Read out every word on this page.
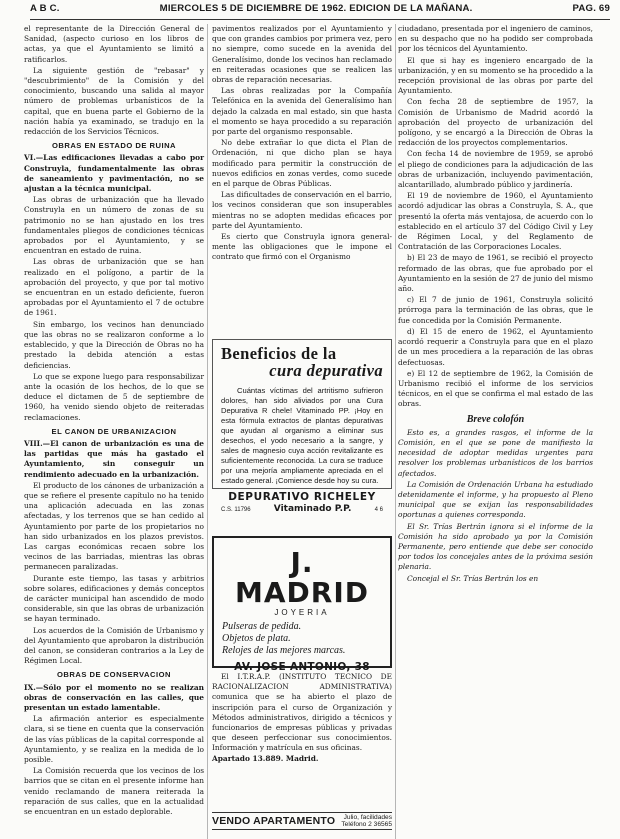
A B C.	MIERCOLES 5 DE DICIEMBRE DE 1962. EDICION DE LA MAÑANA.	PAG. 69

el representante de la Dirección General de Sanidad, (aspecto curioso en los libros de actas, ya que el Ayuntamiento se limitó a ratificarlos.

La siguiente gestión de "rebasar" y "descubrimiento" de la Comisión y del conocimiento, buscando una salida al mayor número de problemas urbanísticos de la capital, que en buena parte el Gobierno de la nación había ya examinado, se tradujo en la redacción de los Servicios Técnicos.

OBRAS EN ESTADO DE RUINA

VI.—Las edificaciones llevadas a cabo por Construyla, fundamentalmente las obras de saneamiento y pavimentación, no se ajustan a la técnica municipal.

Las obras de urbanización que ha llevado Construyla en un número de zonas de su patrimonio no se han ajustado en los tres fundamentales pliegos de condiciones técnicas aprobados por el Ayuntamiento, y se encuentran en estado de ruina.

Las obras de urbanización que se han realizado en el polígono, a partir de la aprobación del proyecto, y que por tal motivo se encuentran en un estado deficiente, fueron aprobadas por el Ayuntamiento el 7 de octubre de 1961.

Sin embargo, los vecinos han denunciado que las obras no se realizaron conforme a lo establecido, y que la Dirección de Obras no ha prestado la debida atención a estas deficiencias.

Lo que se expone luego para responsabilizar ante la ocasión de los hechos, de lo que se deduce el dictamen de 5 de septiembre de 1960, ha venido siendo objeto de reiteradas reclamaciones.

EL CANON DE URBANIZACION

VIII.—El canon de urbanización es una de las partidas que más ha gastado el Ayuntamiento, sin conseguir un rendimiento adecuado en la urbanización.

El producto de los cánones de urbanización a que se refiere el presente capítulo no ha tenido una aplicación adecuada en las zonas afectadas, y los terrenos que se han cedido al Ayuntamiento por parte de los propietarios no han sido urbanizados en los plazos previstos. Las cargas económicas recaen sobre los vecinos de las barriadas, mientras las obras permanecen paralizadas.

Durante este tiempo, las tasas y arbitrios sobre solares, edificaciones y demás conceptos de carácter municipal han ascendido de modo considerable, sin que las obras de urbanización se hayan terminado.

Los acuerdos de la Comisión de Urbanismo y del Ayuntamiento que aprobaron la distribución del canon, se consideran contrarios a la Ley de Régimen Local.

OBRAS DE CONSERVACION

IX.—Sólo por el momento no se realizan obras de conservación en las calles, que presentan un estado lamentable.

La afirmación anterior es especialmente clara, si se tiene en cuenta que la conservación de las vías públicas de la capital corresponde al Ayuntamiento, y se realiza en la medida de lo posible.

La Comisión recuerda que los vecinos de los barrios que se citan en el presente informe han venido reclamando de manera reiterada la reparación de sus calles, que en la actualidad se encuentran en un estado deplorable.

pavimentos realizados por el Ayuntamiento y que con grandes cambios por primera vez, pero no siempre, como sucede en la avenida del Generalísimo, donde los vecinos han reclamado en reiteradas ocasiones que se realicen las obras de reparación necesarias.

Las obras realizadas por la Compañía Telefónica en la avenida del Generalísimo han dejado la calzada en mal estado, sin que hasta el momento se haya procedido a su reparación por parte del organismo responsable.

No debe extrañar lo que dicta el Plan de Ordenación, ni que dicho plan se haya modificado para permitir la construcción de nuevos edificios en zonas verdes, como sucede en el parque de Obras Públicas.

Las dificultades de conservación en el barrio, los vecinos consideran que son insuperables mientras no se adopten medidas eficaces por parte del Ayuntamiento.

Es cierto que Construyla ignora general-mente las obligaciones que le impone el contrato que firmó con el Organismo

Beneficios de la
cura depurativa
Cuántas víctimas del artritismo sufrieron dolores, han sido aliviados por una Cura Depurativa R chele! Vitaminado PP. ¡Hoy en esta fórmula extractos de plantas depurativas que ayudan al organismo a eliminar sus desechos, el yodo necesario a la sangre, y sales de magnesio cuya acción revitalizante es suficientemente reconocida. La cura se traduce por una mejoría ampliamente apreciada en el estado general. ¡Comience desde hoy su cura.
DEPURATIVO RICHELEY
C.S. 11796	Vitaminado P.P.	4 6
J. MADRID
JOYERIA
Pulseras de pedida.
Objetos de plata.
Relojes de las mejores marcas.
AV. JOSE ANTONIO, 38

El I.T.R.A.P. (INSTITUTO TECNICO DE RACIONALIZACION ADMINISTRATIVA) comunica que se ha abierto el plazo de inscripción para el curso de Organización y Métodos administrativos, dirigido a técnicos y funcionarios de empresas públicas y privadas que deseen perfeccionar sus conocimientos. Información y matrícula en sus oficinas.

Apartado 13.889. Madrid.

VENDO APARTAMENTO	Julio, facilidades
Teléfono 2 36565

ciudadano, presentada por el ingeniero de caminos, en su despacho que no ha podido ser comprobada por los técnicos del Ayuntamiento.

El que si hay es ingeniero encargado de la urbanización, y en su momento se ha procedido a la recepción provisional de las obras por parte del Ayuntamiento.

Con fecha 28 de septiembre de 1957, la Comisión de Urbanismo de Madrid acordó la aprobación del proyecto de urbanización del polígono, y se encargó a la Dirección de Obras la redacción de los proyectos complementarios.

Con fecha 14 de noviembre de 1959, se aprobó el pliego de condiciones para la adjudicación de las obras de urbanización, incluyendo pavimentación, alcantarillado, alumbrado público y jardinería.

El 19 de noviembre de 1960, el Ayuntamiento acordó adjudicar las obras a Construyla, S. A., que presentó la oferta más ventajosa, de acuerdo con lo establecido en el artículo 37 del Código Civil y Ley de Régimen Local, y del Reglamento de Contratación de las Corporaciones Locales.

b) El 23 de mayo de 1961, se recibió el proyecto reformado de las obras, que fue aprobado por el Ayuntamiento en la sesión de 27 de junio del mismo año.

c) El 7 de junio de 1961, Construyla solicitó prórroga para la terminación de las obras, que le fue concedida por la Comisión Permanente.

d) El 15 de enero de 1962, el Ayuntamiento acordó requerir a Construyla para que en el plazo de un mes procediera a la reparación de las obras defectuosas.

e) El 12 de septiembre de 1962, la Comisión de Urbanismo recibió el informe de los servicios técnicos, en el que se confirma el mal estado de las obras.

Breve colofón

Esto es, a grandes rasgos, el informe de la Comisión, en el que se pone de manifiesto la necesidad de adoptar medidas urgentes para resolver los problemas urbanísticos de los barrios afectados.

La Comisión de Ordenación Urbana ha estudiado detenidamente el informe, y ha propuesto al Pleno municipal que se exijan las responsabilidades oportunas a quienes corresponda.

El Sr. Trías Bertrán ignora si el informe de la Comisión ha sido aprobado ya por la Comisión Permanente, pero entiende que debe ser conocido por todos los concejales antes de la próxima sesión plenaria.

Concejal el Sr. Trías Bertrán los en
